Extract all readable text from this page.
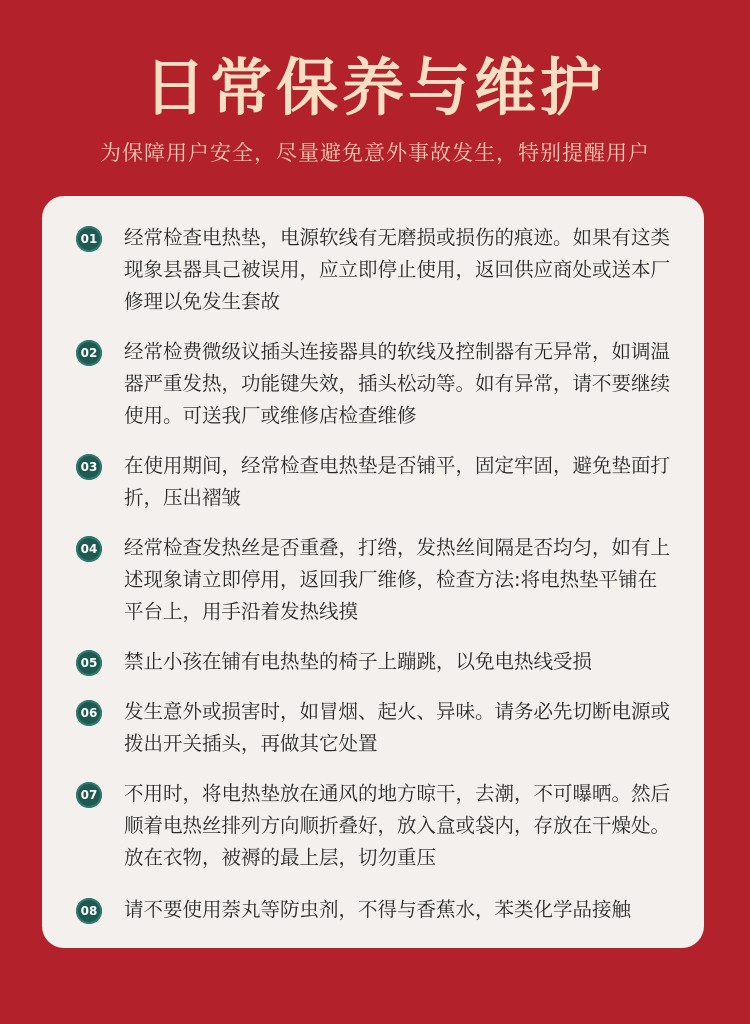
日常保养与维护
为保障用户安全，尽量避免意外事故发生，特别提醒用户
01 经常检查电热垫，电源软线有无磨损或损伤的痕迹。如果有这类现象县器具己被误用，应立即停止使用，返回供应商处或送本厂修理以免发生套故
02 经常检费微级议插头连接器具的软线及控制器有无异常，如调温器严重发热，功能键失效，插头松动等。如有异常，请不要继续使用。可送我厂或维修店检查维修
03 在使用期间，经常检查电热垫是否铺平，固定牢固，避免垫面打折，压出褶皱
04 经常检查发热丝是否重叠，打绺，发热丝间隔是否均匀，如有上述现象请立即停用，返回我厂维修，检查方法:将电热垫平铺在平台上，用手沿着发热线摸
05 禁止小孩在铺有电热垫的椅子上蹦跳，以免电热线受损
06 发生意外或损害时，如冒烟、起火、异味。请务必先切断电源或拨出开关插头，再做其它处置
07 不用时，将电热垫放在通风的地方晾干，去潮，不可曝晒。然后顺着电热丝排列方向顺折叠好，放入盒或袋内，存放在干燥处。放在衣物，被褥的最上层，切勿重压
08 请不要使用萘丸等防虫剂，不得与香蕉水，苯类化学品接触
